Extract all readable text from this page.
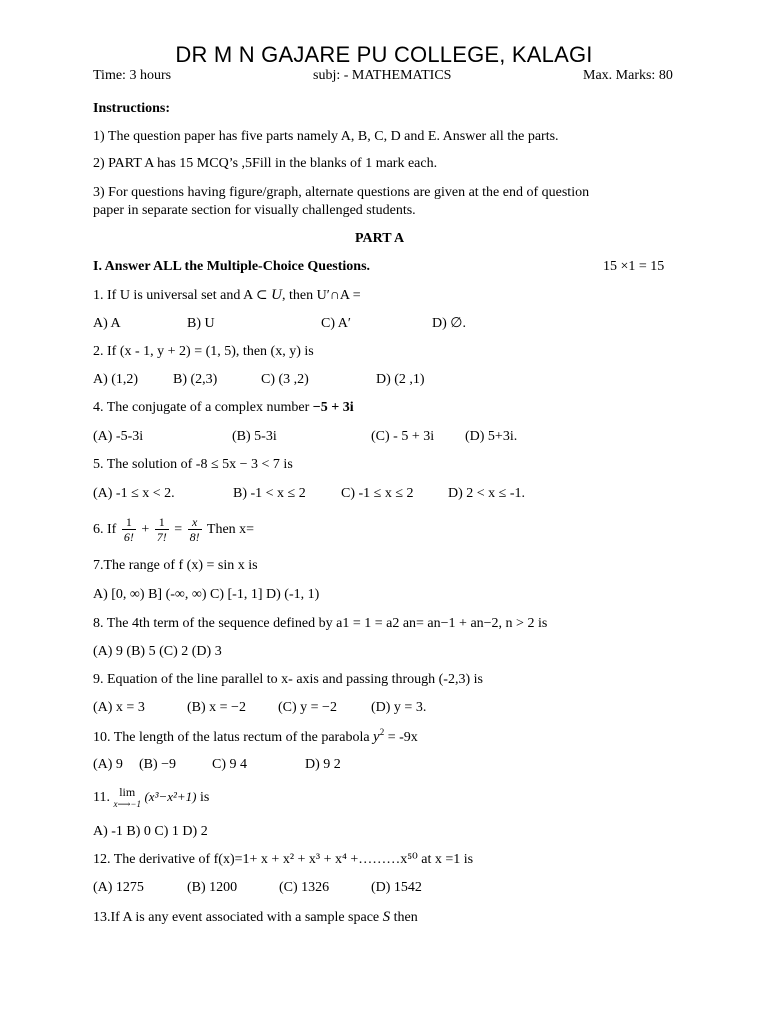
DR M N GAJARE PU COLLEGE, KALAGI
Time: 3 hours	subj: - MATHEMATICS	Max. Marks: 80
Instructions:
1) The question paper has five parts namely A, B, C, D and E. Answer all the parts.
2) PART A has 15 MCQ’s ,5Fill in the blanks of 1 mark each.
3) For questions having figure/graph, alternate questions are given at the end of question
paper in separate section for visually challenged students.
PART A
I. Answer ALL the Multiple-Choice Questions.	15 ×1 = 15
1. If U is universal set and A ⊂ U, then U′∩A =
A) A	B) U	C) A′	D) ∅.
2. If (x - 1, y + 2) = (1, 5), then (x, y) is
A) (1,2) B) (2,3)	C) (3 ,2)	D) (2 ,1)
4. The conjugate of a complex number −5 + 3i
(A) -5-3i	(B) 5-3i	(C) - 5 + 3i (D) 5+3i.
5. The solution of -8 ≤ 5x − 3 < 7 is
(A) -1 ≤ x < 2.	B) -1 < x ≤ 2	C) -1 ≤ x ≤ 2 D) 2 < x ≤ -1.
6. If $\frac{1}{6!} + \frac{1}{7!} = \frac{x}{8!}$ Then x=
7.The range of f (x) = sin x is
A) [0, ∞) B] (-∞, ∞) C) [-1, 1] D) (-1, 1)
8. The 4th term of the sequence defined by a1 = 1 = a2 an= an−1 + an−2, n > 2 is
(A) 9 (B) 5 (C) 2 (D) 3
9. Equation of the line parallel to x- axis and passing through (-2,3) is
(A) x = 3	(B) x = −2 (C) y = −2 (D) y = 3.
10. The length of the latus rectum of the parabola $y^2 = -9x$
(A) 9 (B) −9	C) 9 4	D) 9 2
11. lim
x⟶−1 (x³−x²+1) is
A) -1 B) 0 C) 1 D) 2
12. The derivative of f(x)=1+ x + x² + x³ + x⁴ +………x⁵⁰ at x =1 is
(A) 1275	(B) 1200	(C) 1326	(D) 1542
13.If A is any event associated with a sample space S then
